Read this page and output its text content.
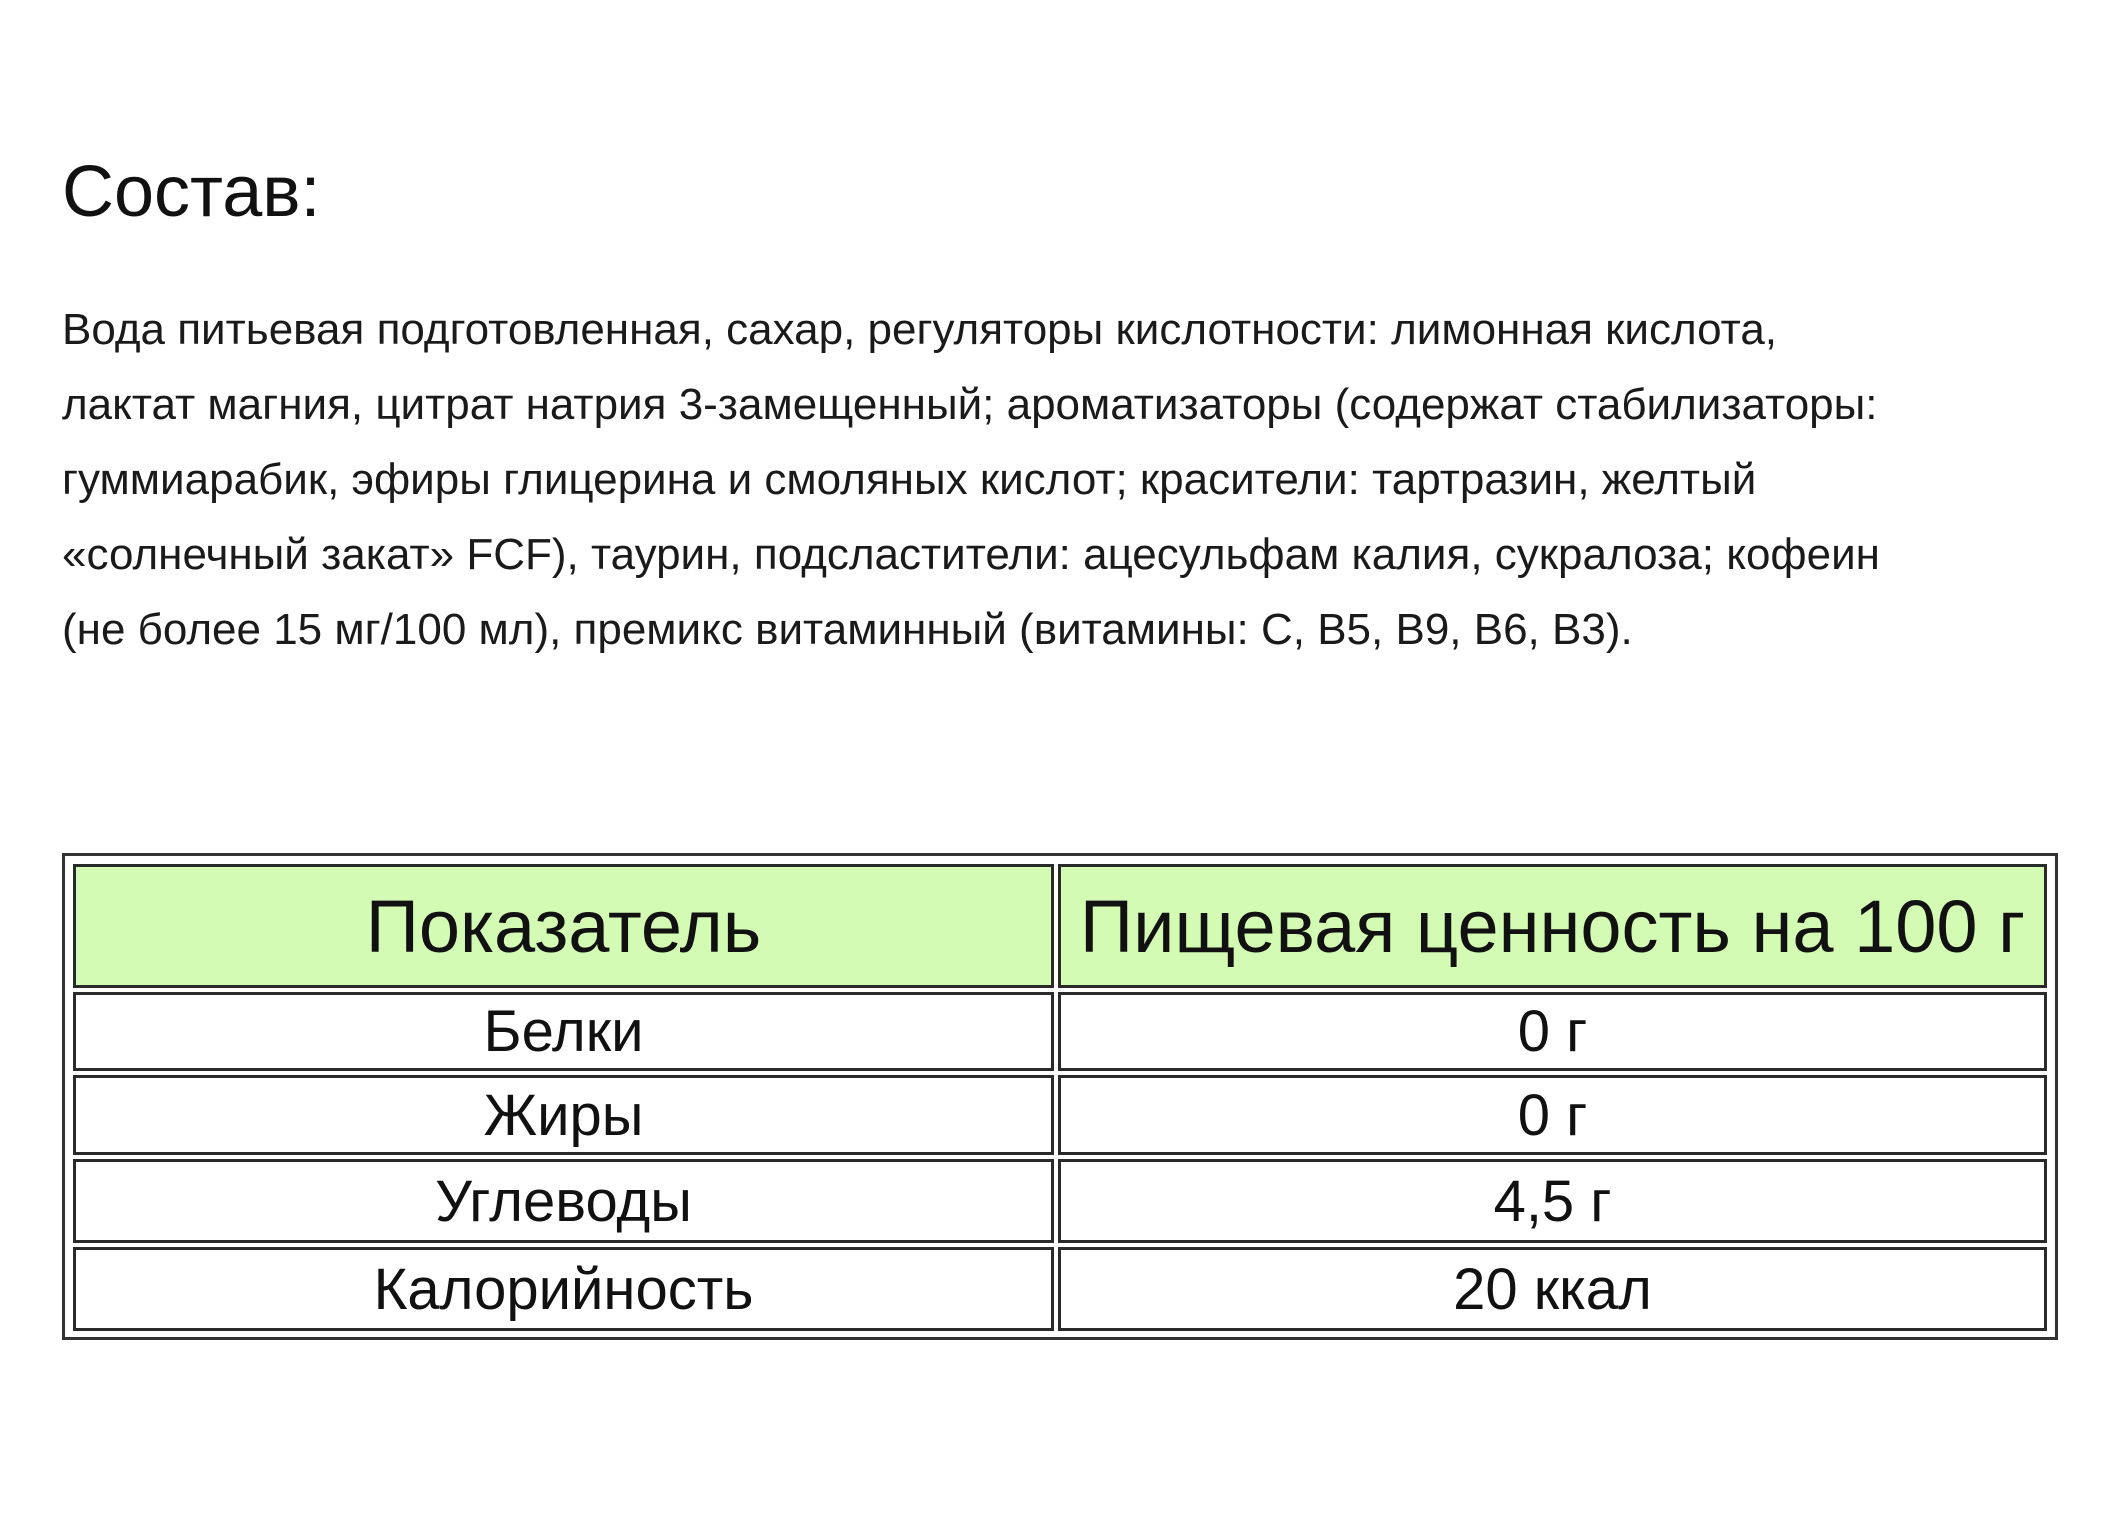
Состав:

Вода питьевая подготовленная, сахар, регуляторы кислотности: лимонная кислота,
лактат магния, цитрат натрия 3-замещенный; ароматизаторы (содержат стабилизаторы:
гуммиарабик, эфиры глицерина и смоляных кислот; красители: тартразин, желтый
«солнечный закат» FCF), таурин, подсластители: ацесульфам калия, сукралоза; кофеин
(не более 15 мг/100 мл), премикс витаминный (витамины: С, В5, В9, В6, В3).

Показатель	Пищевая ценность на 100 г
Белки	0 г
Жиры	0 г
Углеводы	4,5 г
Калорийность	20 ккал
